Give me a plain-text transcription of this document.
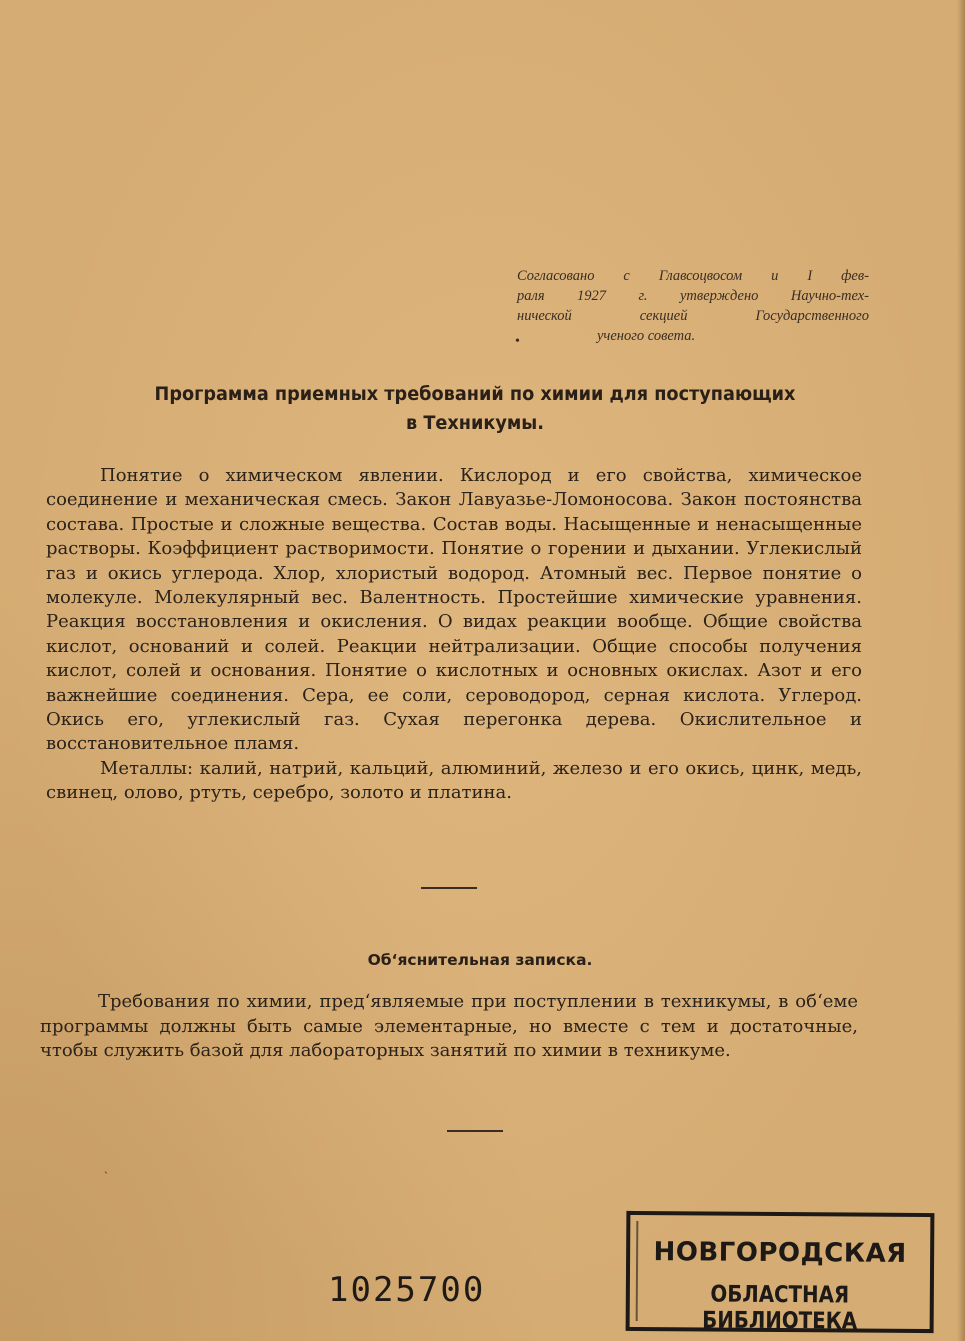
Согласовано с Главсоцвосом и I фев-
раля 1927 г. утверждено Научно-тех-
нической секцией Государственного
ученого совета.
•
Программа приемных требований по химии для поступающих
в Техникумы.

Понятие о химическом явлении. Кислород и его свойства, химическое соединение и механическая смесь. Закон Лавуазье-Ломоносова. Закон постоянства состава. Простые и сложные вещества. Состав воды. Насыщенные и ненасыщенные растворы. Коэффициент растворимости. Понятие о горении и дыхании. Углекислый газ и окись углерода. Хлор, хлористый водород. Атомный вес. Первое понятие о молекуле. Молекулярный вес. Валентность. Простейшие химические уравнения. Реакция восстановления и окисления. О видах реакции вообще. Общие свойства кислот, оснований и солей. Реакции нейтрализации. Общие способы получения кислот, солей и основания. Понятие о кислотных и основных окислах. Азот и его важнейшие соединения. Сера, ее соли, сероводород, серная кислота. Углерод. Окись его, углекислый газ. Сухая перегонка дерева. Окислительное и восстановительное пламя.

Металлы: калий, натрий, кальций, алюминий, железо и его окись, цинк, медь, свинец, олово, ртуть, серебро, золото и платина.

Об‘яснительная записка.

Требования по химии, пред‘являемые при поступлении в техникумы, в об‘еме программы должны быть самые элементарные, но вместе с тем и достаточные, чтобы служить базой для лабораторных занятий по химии в техникуме.

ˎ
1025700
НОВГОРОДСКАЯ
ОБЛАСТНАЯ БИБЛИОТЕКА
